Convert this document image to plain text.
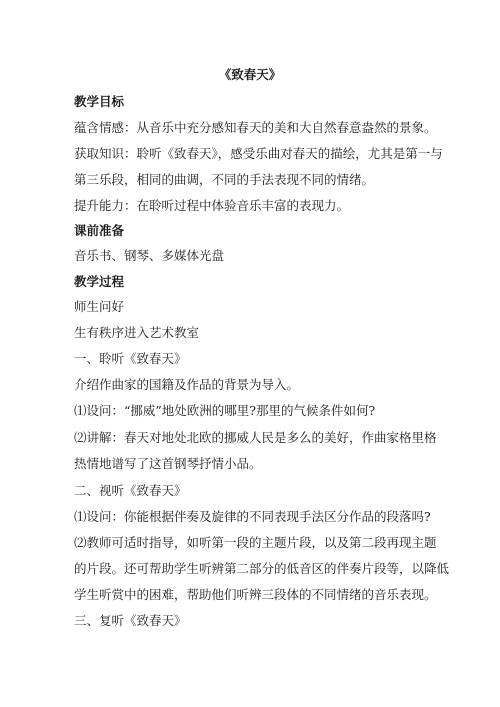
《致春天》
教学目标
蕴含情感：从音乐中充分感知春天的美和大自然春意盎然的景象。
获取知识：聆听《致春天》，感受乐曲对春天的描绘，尤其是第一与
第三乐段，相同的曲调，不同的手法表现不同的情绪。
提升能力：在聆听过程中体验音乐丰富的表现力。
课前准备
音乐书、钢琴、多媒体光盘
教学过程
师生问好
生有秩序进入艺术教室
一、聆听《致春天》
介绍作曲家的国籍及作品的背景为导入。
⑴设问：“挪威”地处欧洲的哪里?那里的气候条件如何?
⑵讲解：春天对地处北欧的挪威人民是多么的美好，作曲家格里格
热情地谱写了这首钢琴抒情小品。
二、视听《致春天》
⑴设问：你能根据伴奏及旋律的不同表现手法区分作品的段落吗?
⑵教师可适时指导，如听第一段的主题片段，以及第二段再现主题
的片段。还可帮助学生听辨第二部分的低音区的伴奏片段等，以降低
学生听赏中的困难，帮助他们听辨三段体的不同情绪的音乐表现。
三、复听《致春天》
